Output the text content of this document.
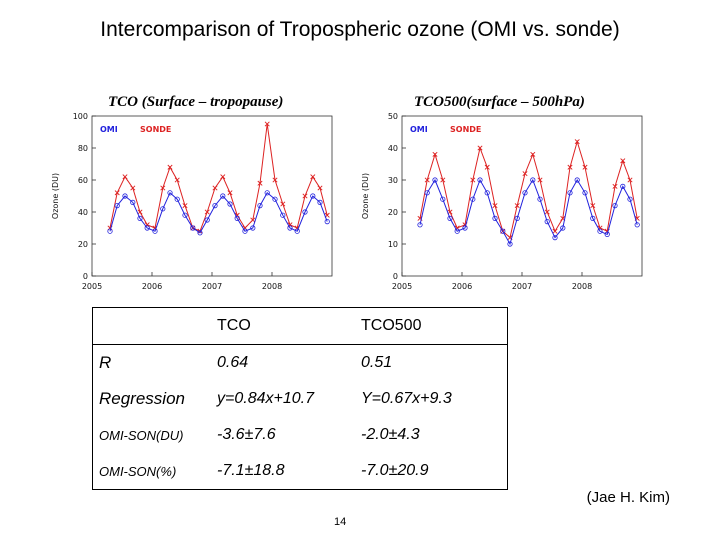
Intercomparison of Tropospheric ozone (OMI vs. sonde)
TCO (Surface – tropopause)	TCO500(surface – 500hPa)
0
20
40
60
80
100
2005	2006	2007	2008
Ozone (DU)
OMI	SONDE
0
10
20
30
40
50
2005	2006	2007	2008
Ozone (DU)
OMI	SONDE
	TCO	TCO500
R	0.64	0.51
Regression	y=0.84x+10.7	Y=0.67x+9.3
OMI-SON(DU)	-3.6±7.6	-2.0±4.3
OMI-SON(%)	-7.1±18.8	-7.0±20.9
(Jae H. Kim)
14
